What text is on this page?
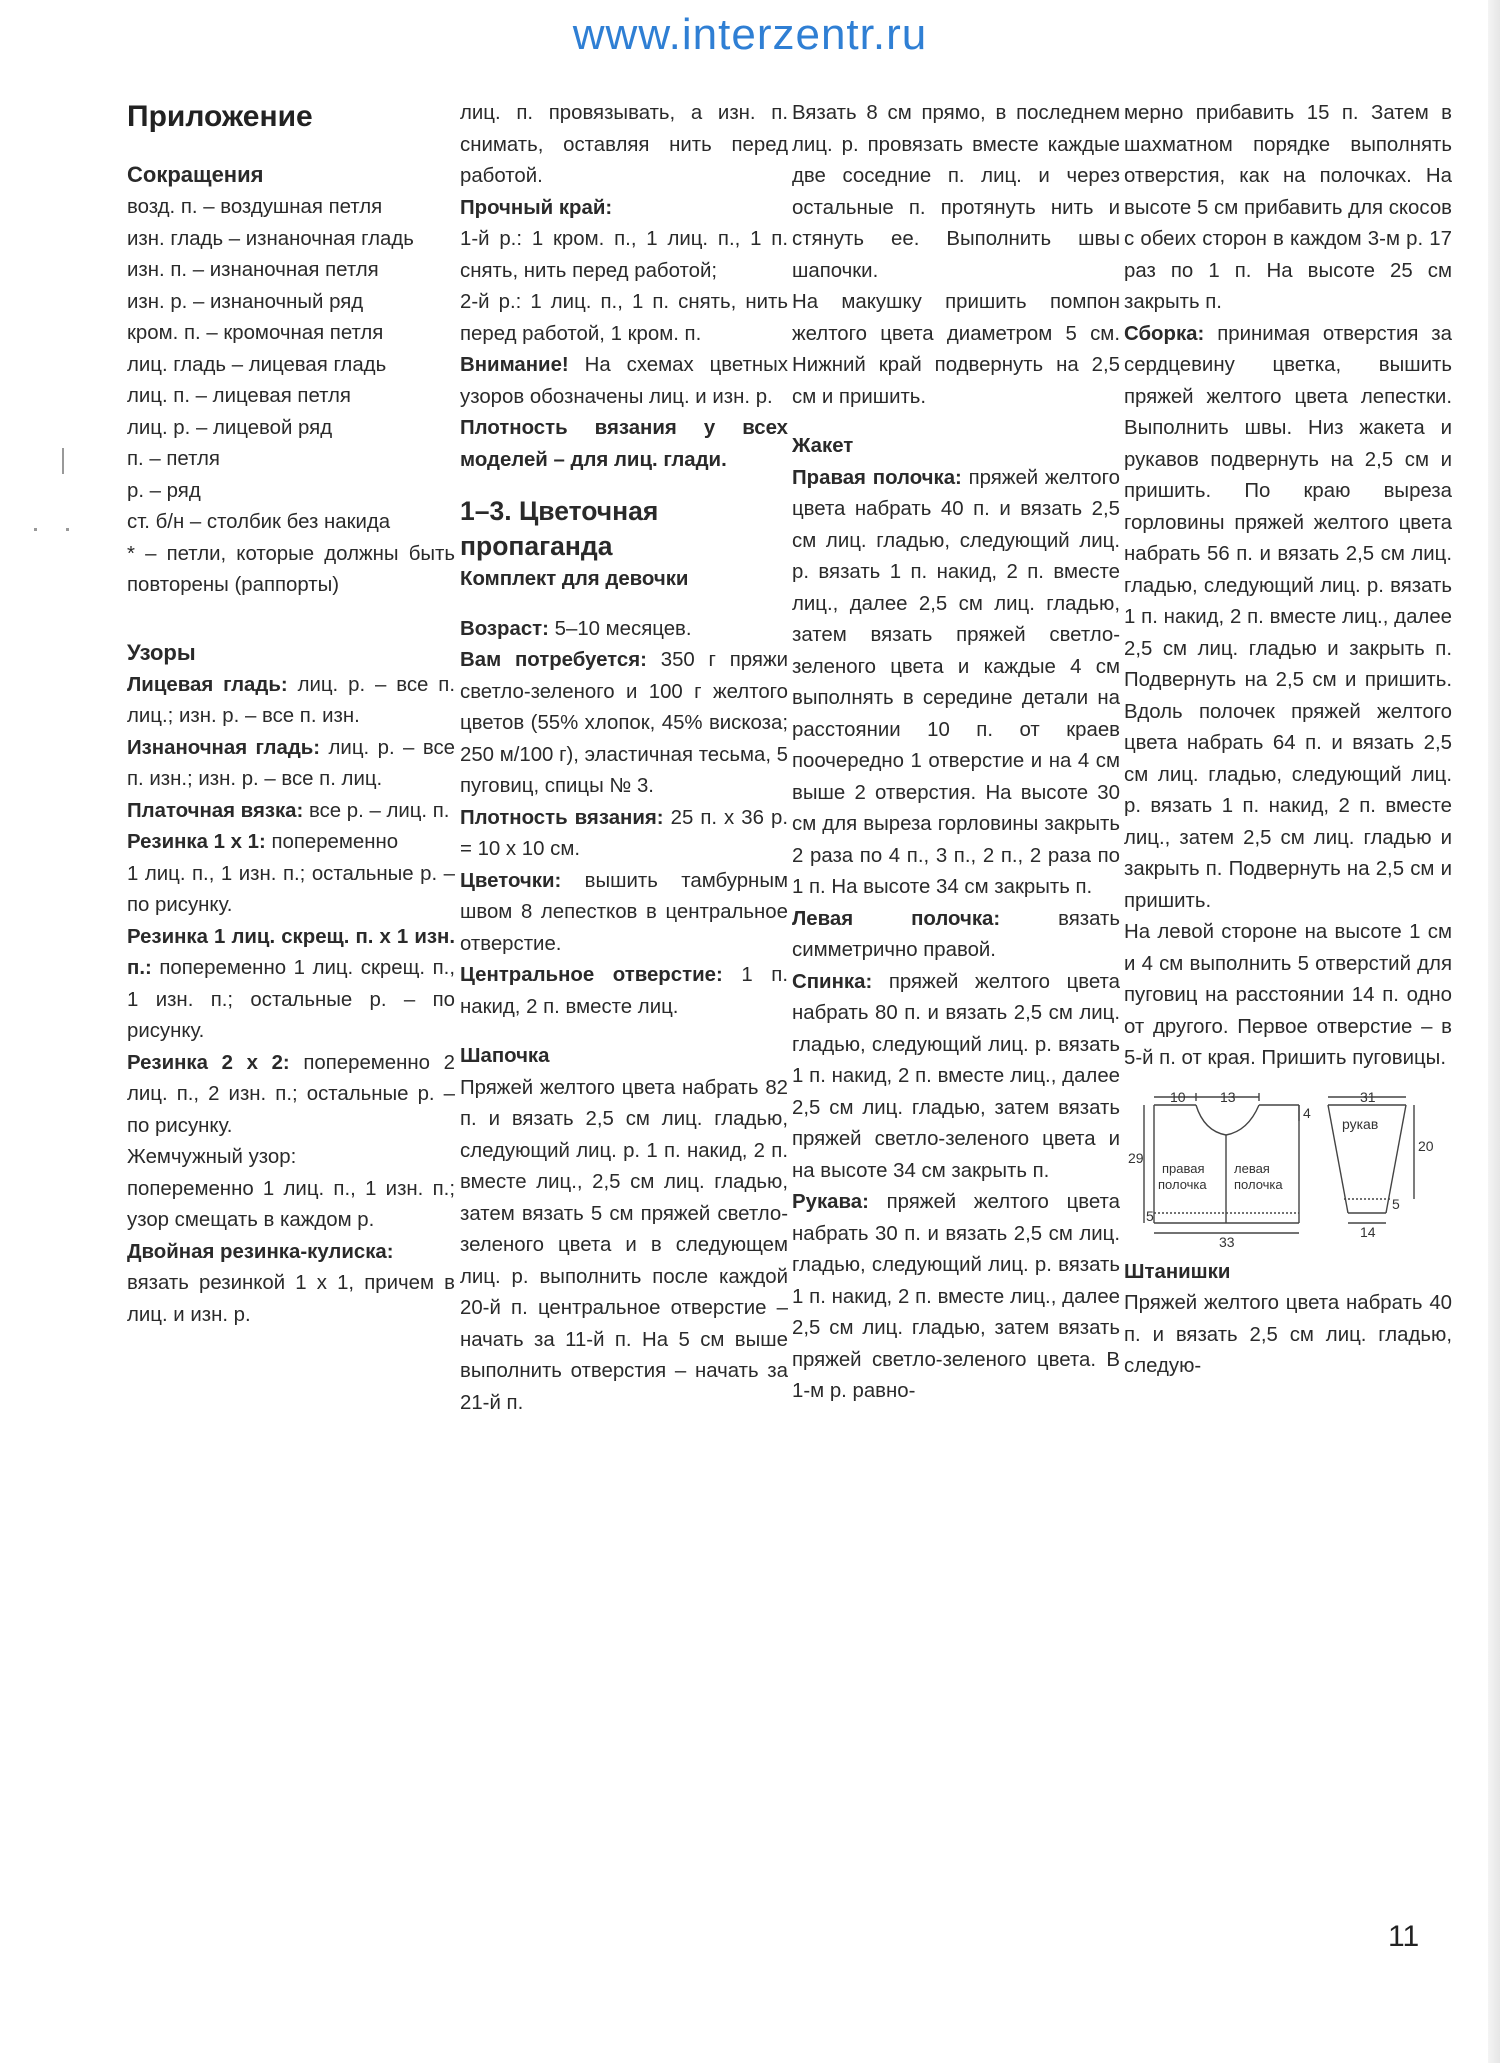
www.interzentr.ru
Приложение
Сокращения

возд. п. – воздушная петля

изн. гладь – изнаночная гладь

изн. п. – изнаночная петля

изн. р. – изнаночный ряд

кром. п. – кромочная петля

лиц. гладь – лицевая гладь

лиц. п. – лицевая петля

лиц. р. – лицевой ряд

п. – петля

р. – ряд

ст. б/н – столбик без накида

* – петли, которые должны быть повторены (раппорты)

Узоры

Лицевая гладь: лиц. р. – все п. лиц.; изн. р. – все п. изн.

Изнаночная гладь: лиц. р. – все п. изн.; изн. р. – все п. лиц.

Платочная вязка: все р. – лиц. п.

Резинка 1 х 1: попеременно

1 лиц. п., 1 изн. п.; остальные р. – по рисунку.

Резинка 1 лиц. скрещ. п. х 1 изн. п.: попеременно 1 лиц. скрещ. п., 1 изн. п.; остальные р. – по рисунку.

Резинка 2 х 2: попеременно 2 лиц. п., 2 изн. п.; остальные р. – по рисунку.

Жемчужный узор:

попеременно 1 лиц. п., 1 изн. п.; узор смещать в каждом р.

Двойная резинка-кулиска:

вязать резинкой 1 х 1, причем в лиц. и изн. р.

лиц. п. провязывать, а изн. п. снимать, оставляя нить перед работой.

Прочный край:

1-й р.: 1 кром. п., 1 лиц. п., 1 п. снять, нить перед работой;

2-й р.: 1 лиц. п., 1 п. снять, нить перед работой, 1 кром. п.

Внимание! На схемах цветных узоров обозначены лиц. и изн. р.

Плотность вязания у всех моделей – для лиц. глади.

1–3. Цветочная пропаганда
Комплект для девочки

Возраст: 5–10 месяцев.

Вам потребуется: 350 г пряжи светло-зеленого и 100 г желтого цветов (55% хлопок, 45% вискоза; 250 м/100 г), эластичная тесьма, 5 пуговиц, спицы № 3.

Плотность вязания: 25 п. х 36 р. = 10 х 10 см.

Цветочки: вышить тамбурным швом 8 лепестков в центральное отверстие.

Центральное отверстие: 1 п. накид, 2 п. вместе лиц.

Шапочка

Пряжей желтого цвета набрать 82 п. и вязать 2,5 см лиц. гладью, следующий лиц. р. 1 п. накид, 2 п. вместе лиц., 2,5 см лиц. гладью, затем вязать 5 см пряжей светло-зеленого цвета и в следующем лиц. р. выполнить после каждой 20-й п. центральное отверстие – начать за 11-й п. На 5 см выше выполнить отверстия – начать за 21-й п.

Вязать 8 см прямо, в последнем лиц. р. провязать вместе каждые две соседние п. лиц. и через остальные п. протянуть нить и стянуть ее. Выполнить швы шапочки.

На макушку пришить помпон желтого цвета диаметром 5 см. Нижний край подвернуть на 2,5 см и пришить.

Жакет

Правая полочка: пряжей желтого цвета набрать 40 п. и вязать 2,5 см лиц. гладью, следующий лиц. р. вязать 1 п. накид, 2 п. вместе лиц., далее 2,5 см лиц. гладью, затем вязать пряжей светло-зеленого цвета и каждые 4 см выполнять в середине детали на расстоянии 10 п. от краев поочередно 1 отверстие и на 4 см выше 2 отверстия. На высоте 30 см для выреза горловины закрыть 2 раза по 4 п., 3 п., 2 п., 2 раза по 1 п. На высоте 34 см закрыть п.

Левая полочка: вязать симметрично правой.

Спинка: пряжей желтого цвета набрать 80 п. и вязать 2,5 см лиц. гладью, следующий лиц. р. вязать 1 п. накид, 2 п. вместе лиц., далее 2,5 см лиц. гладью, затем вязать пряжей светло-зеленого цвета и на высоте 34 см закрыть п.

Рукава: пряжей желтого цвета набрать 30 п. и вязать 2,5 см лиц. гладью, следующий лиц. р. вязать 1 п. накид, 2 п. вместе лиц., далее 2,5 см лиц. гладью, затем вязать пряжей светло-зеленого цвета. В 1-м р. равно-

мерно прибавить 15 п. Затем в шахматном порядке выполнять отверстия, как на полочках. На высоте 5 см прибавить для скосов с обеих сторон в каждом 3-м р. 17 раз по 1 п. На высоте 25 см закрыть п.

Сборка: принимая отверстия за сердцевину цветка, вышить пряжей желтого цвета лепестки. Выполнить швы. Низ жакета и рукавов подвернуть на 2,5 см и пришить. По краю выреза горловины пряжей желтого цвета набрать 56 п. и вязать 2,5 см лиц. гладью, следующий лиц. р. вязать 1 п. накид, 2 п. вместе лиц., далее 2,5 см лиц. гладью и закрыть п. Подвернуть на 2,5 см и пришить. Вдоль полочек пряжей желтого цвета набрать 64 п. и вязать 2,5 см лиц. гладью, следующий лиц. р. вязать 1 п. накид, 2 п. вместе лиц., затем 2,5 см лиц. гладью и закрыть п. Подвернуть на 2,5 см и пришить.

На левой стороне на высоте 1 см и 4 см выполнить 5 отверстий для пуговиц на расстоянии 14 п. одно от другого. Первое отверстие – в 5-й п. от края. Пришить пуговицы.

10 13
4
29
5
33
правая
полочка
левая
полочка
31
рукав
20
5
14
Штанишки

Пряжей желтого цвета набрать 40 п. и вязать 2,5 см лиц. гладью, следую-

11
